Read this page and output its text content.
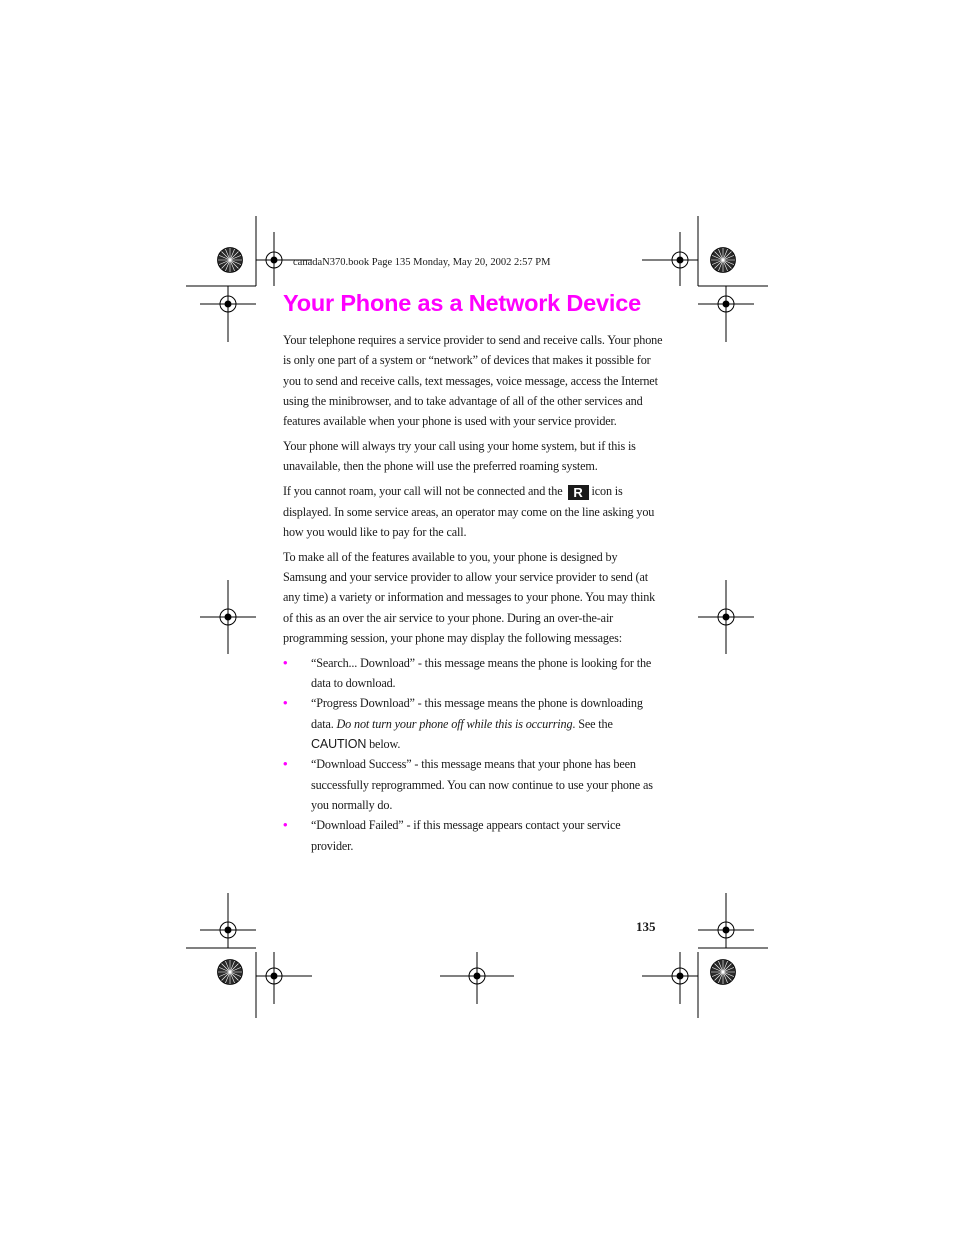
canadaN370.book Page 135 Monday, May 20, 2002 2:57 PM
Your Phone as a Network Device

Your telephone requires a service provider to send and receive calls. Your phone is only one part of a system or “network” of devices that makes it possible for you to send and receive calls, text messages, voice message, access the Internet using the minibrowser, and to take advantage of all of the other services and features available when your phone is used with your service provider.

Your phone will always try your call using your home system, but if this is unavailable, then the phone will use the preferred roaming system.

If you cannot roam, your call will not be connected and the R icon is displayed. In some service areas, an operator may come on the line asking you how you would like to pay for the call.

To make all of the features available to you, your phone is designed by Samsung and your service provider to allow your service provider to send (at any time) a variety or information and messages to your phone. You may think of this as an over the air service to your phone. During an over-the-air programming session, your phone may display the following messages:

• “Search... Download” - this message means the phone is looking for the data to download.
• “Progress Download” - this message means the phone is downloading data. Do not turn your phone off while this is occurring. See the
CAUTION below.
• “Download Success” - this message means that your phone has been successfully reprogrammed. You can now continue to use your phone as you normally do.
• “Download Failed” - if this message appears contact your service provider.
135
